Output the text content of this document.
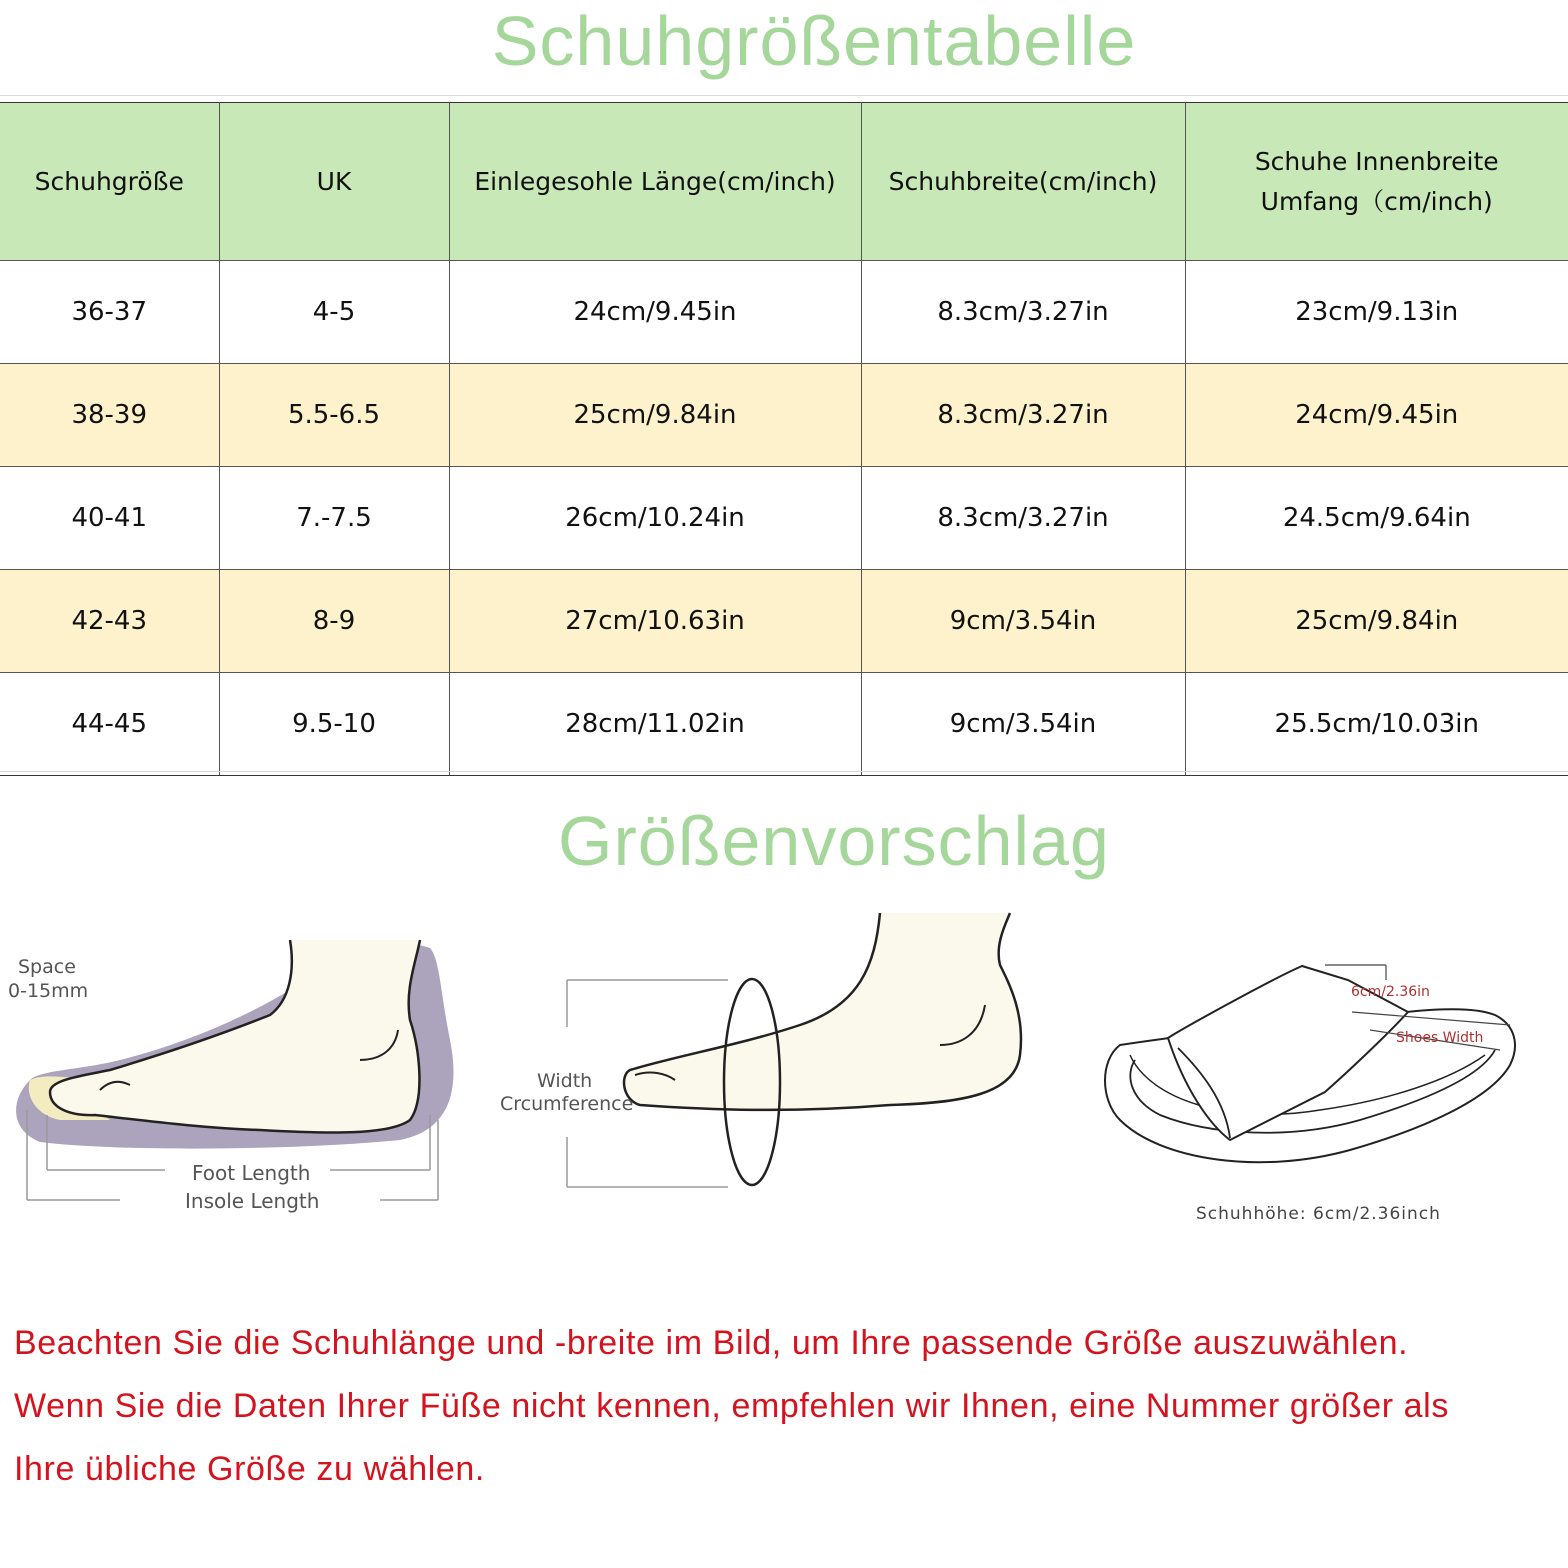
Schuhgrößentabelle
Schuhgröße	UK	Einlegesohle Länge(cm/inch)	Schuhbreite(cm/inch)	Schuhe Innenbreite Umfang（cm/inch)
36-37	4-5	24cm/9.45in	8.3cm/3.27in	23cm/9.13in
38-39	5.5-6.5	25cm/9.84in	8.3cm/3.27in	24cm/9.45in
40-41	7.-7.5	26cm/10.24in	8.3cm/3.27in	24.5cm/9.64in
42-43	8-9	27cm/10.63in	9cm/3.54in	25cm/9.84in
44-45	9.5-10	28cm/11.02in	9cm/3.54in	25.5cm/10.03in
Größenvorschlag
Space
0-15mm
Foot Length
Insole Length
Width
Crcumference
6cm/2.36in
Shoes Width
Schuhhöhe: 6cm/2.36inch

Beachten Sie die Schuhlänge und -breite im Bild, um Ihre passende Größe auszuwählen.

Wenn Sie die Daten Ihrer Füße nicht kennen, empfehlen wir Ihnen, eine Nummer größer als Ihre übliche Größe zu wählen.
